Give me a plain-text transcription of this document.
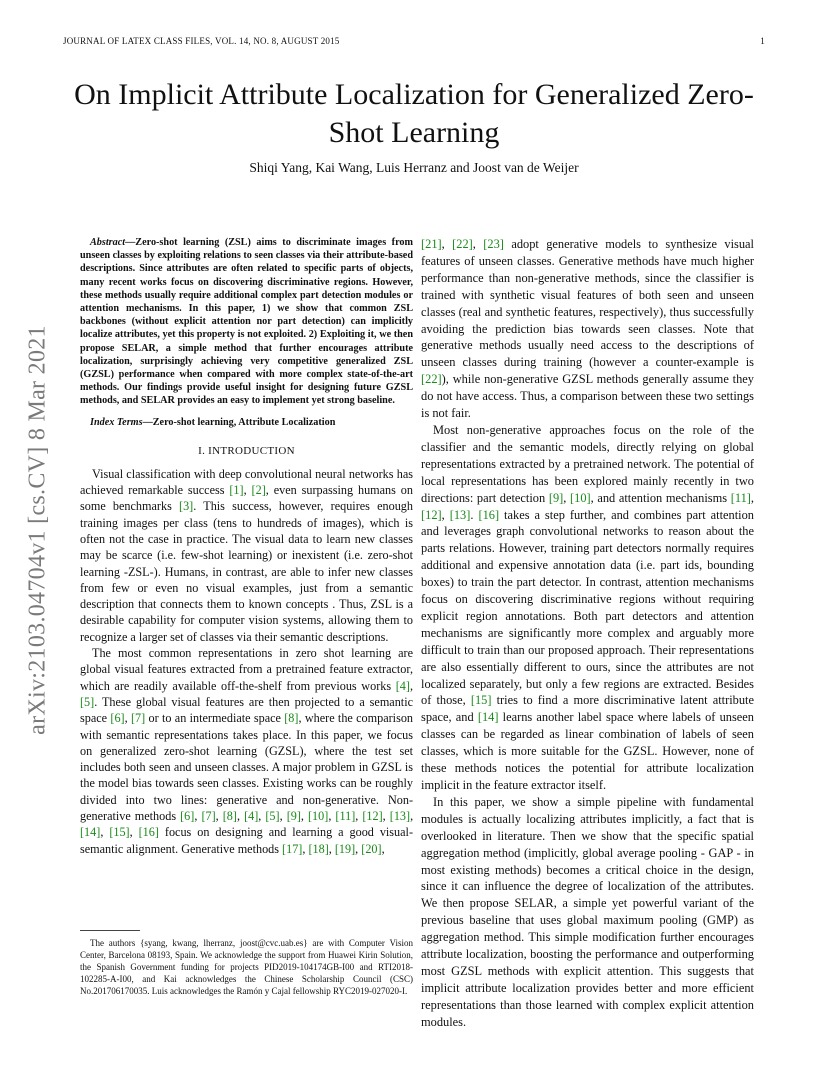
JOURNAL OF LATEX CLASS FILES, VOL. 14, NO. 8, AUGUST 2015	1
arXiv:2103.04704v1 [cs.CV] 8 Mar 2021
On Implicit Attribute Localization for Generalized Zero-Shot Learning
Shiqi Yang, Kai Wang, Luis Herranz and Joost van de Weijer
Abstract—Zero-shot learning (ZSL) aims to discriminate images from unseen classes by exploiting relations to seen classes via their attribute-based descriptions. Since attributes are often related to specific parts of objects, many recent works focus on discovering discriminative regions. However, these methods usually require additional complex part detection modules or attention mechanisms. In this paper, 1) we show that common ZSL backbones (without explicit attention nor part detection) can implicitly localize attributes, yet this property is not exploited. 2) Exploiting it, we then propose SELAR, a simple method that further encourages attribute localization, surprisingly achieving very competitive generalized ZSL (GZSL) performance when compared with more complex state-of-the-art methods. Our findings provide useful insight for designing future GZSL methods, and SELAR provides an easy to implement yet strong baseline.
Index Terms—Zero-shot learning, Attribute Localization
I. INTRODUCTION

Visual classification with deep convolutional neural networks has achieved remarkable success [1], [2], even surpassing humans on some benchmarks [3]. This success, however, requires enough training images per class (tens to hundreds of images), which is often not the case in practice. The visual data to learn new classes may be scarce (i.e. few-shot learning) or inexistent (i.e. zero-shot learning -ZSL-). Humans, in contrast, are able to infer new classes from few or even no visual examples, just from a semantic description that connects them to known concepts . Thus, ZSL is a desirable capability for computer vision systems, allowing them to recognize a larger set of classes via their semantic descriptions.

The most common representations in zero shot learning are global visual features extracted from a pretrained feature extractor, which are readily available off-the-shelf from previous works [4], [5]. These global visual features are then projected to a semantic space [6], [7] or to an intermediate space [8], where the comparison with semantic representations takes place. In this paper, we focus on generalized zero-shot learning (GZSL), where the test set includes both seen and unseen classes. A major problem in GZSL is the model bias towards seen classes. Existing works can be roughly divided into two lines: generative and non-generative. Non-generative methods [6], [7], [8], [4], [5], [9], [10], [11], [12], [13], [14], [15], [16] focus on designing and learning a good visual-semantic alignment. Generative methods [17], [18], [19], [20],

The authors {syang, kwang, lherranz, joost@cvc.uab.es} are with Computer Vision Center, Barcelona 08193, Spain. We acknowledge the support from Huawei Kirin Solution, the Spanish Government funding for projects PID2019-104174GB-I00 and RTI2018-102285-A-I00, and Kai acknowledges the Chinese Scholarship Council (CSC) No.201706170035. Luis acknowledges the Ramón y Cajal fellowship RYC2019-027020-I.

[21], [22], [23] adopt generative models to synthesize visual features of unseen classes. Generative methods have much higher performance than non-generative methods, since the classifier is trained with synthetic visual features of both seen and unseen classes (real and synthetic features, respectively), thus successfully avoiding the prediction bias towards seen classes. Note that generative methods usually need access to the descriptions of unseen classes during training (however a counter-example is [22]), while non-generative GZSL methods generally assume they do not have access. Thus, a comparison between these two settings is not fair.

Most non-generative approaches focus on the role of the classifier and the semantic models, directly relying on global representations extracted by a pretrained network. The potential of local representations has been explored mainly recently in two directions: part detection [9], [10], and attention mechanisms [11], [12], [13]. [16] takes a step further, and combines part attention and leverages graph convolutional networks to reason about the parts relations. However, training part detectors normally requires additional and expensive annotation data (i.e. part ids, bounding boxes) to train the part detector. In contrast, attention mechanisms focus on discovering discriminative regions without requiring explicit region annotations. Both part detectors and attention mechanisms are significantly more complex and arguably more difficult to train than our proposed approach. Their representations are also essentially different to ours, since the attributes are not localized separately, but only a few regions are extracted. Besides of those, [15] tries to find a more discriminative latent attribute space, and [14] learns another label space where labels of unseen classes can be regarded as linear combination of labels of seen classes, which is more suitable for the GZSL. However, none of these methods notices the potential for attribute localization implicit in the feature extractor itself.

In this paper, we show a simple pipeline with fundamental modules is actually localizing attributes implicitly, a fact that is overlooked in literature. Then we show that the specific spatial aggregation method (implicitly, global average pooling - GAP - in most existing methods) becomes a critical choice in the design, since it can influence the degree of localization of the attributes. We then propose SELAR, a simple yet powerful variant of the previous baseline that uses global maximum pooling (GMP) as aggregation method. This simple modification further encourages attribute localization, boosting the performance and outperforming most GZSL methods with explicit attention. This suggests that implicit attribute localization provides better and more efficient representations than those learned with complex explicit attention modules.
